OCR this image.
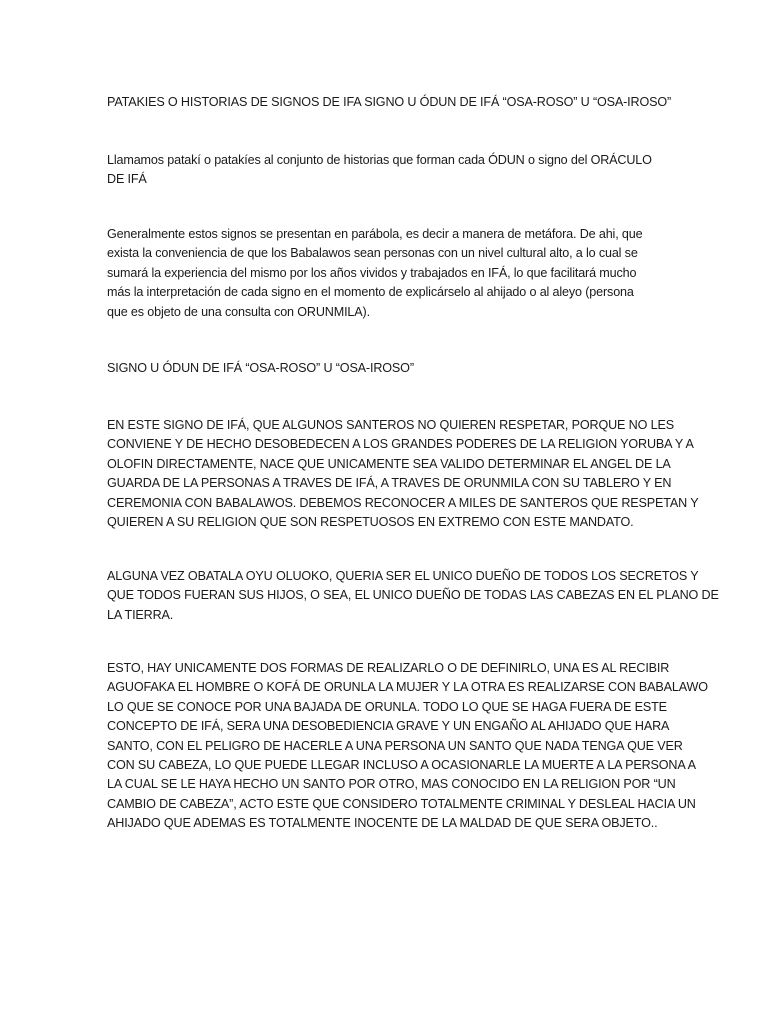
PATAKIES O HISTORIAS DE SIGNOS DE IFA SIGNO U ÓDUN DE IFÁ “OSA-ROSO” U “OSA-IROSO”

Llamamos patakí o patakíes al conjunto de historias que forman cada ÓDUN o signo del ORÁCULO
DE IFÁ

Generalmente estos signos se presentan en parábola, es decir a manera de metáfora. De ahi, que
exista la conveniencia de que los Babalawos sean personas con un nivel cultural alto, a lo cual se
sumará la experiencia del mismo por los años vividos y trabajados en IFÁ, lo que facilitará mucho
más la interpretación de cada signo en el momento de explicárselo al ahijado o al aleyo (persona
que es objeto de una consulta con ORUNMILA).

SIGNO U ÓDUN DE IFÁ “OSA-ROSO” U “OSA-IROSO”

EN ESTE SIGNO DE IFÁ, QUE ALGUNOS SANTEROS NO QUIEREN RESPETAR, PORQUE NO LES
CONVIENE Y DE HECHO DESOBEDECEN A LOS GRANDES PODERES DE LA RELIGION YORUBA Y A
OLOFIN DIRECTAMENTE, NACE QUE UNICAMENTE SEA VALIDO DETERMINAR EL ANGEL DE LA
GUARDA DE LA PERSONAS A TRAVES DE IFÁ, A TRAVES DE ORUNMILA CON SU TABLERO Y EN
CEREMONIA CON BABALAWOS. DEBEMOS RECONOCER A MILES DE SANTEROS QUE RESPETAN Y
QUIEREN A SU RELIGION QUE SON RESPETUOSOS EN EXTREMO CON ESTE MANDATO.

ALGUNA VEZ OBATALA OYU OLUOKO, QUERIA SER EL UNICO DUEÑO DE TODOS LOS SECRETOS Y
QUE TODOS FUERAN SUS HIJOS, O SEA, EL UNICO DUEÑO DE TODAS LAS CABEZAS EN EL PLANO DE
LA TIERRA.

ESTO, HAY UNICAMENTE DOS FORMAS DE REALIZARLO O DE DEFINIRLO, UNA ES AL RECIBIR
AGUOFAKA EL HOMBRE O KOFÁ DE ORUNLA LA MUJER Y LA OTRA ES REALIZARSE CON BABALAWO
LO QUE SE CONOCE POR UNA BAJADA DE ORUNLA. TODO LO QUE SE HAGA FUERA DE ESTE
CONCEPTO DE IFÁ, SERA UNA DESOBEDIENCIA GRAVE Y UN ENGAÑO AL AHIJADO QUE HARA
SANTO, CON EL PELIGRO DE HACERLE A UNA PERSONA UN SANTO QUE NADA TENGA QUE VER
CON SU CABEZA, LO QUE PUEDE LLEGAR INCLUSO A OCASIONARLE LA MUERTE A LA PERSONA A
LA CUAL SE LE HAYA HECHO UN SANTO POR OTRO, MAS CONOCIDO EN LA RELIGION POR “UN
CAMBIO DE CABEZA”, ACTO ESTE QUE CONSIDERO TOTALMENTE CRIMINAL Y DESLEAL HACIA UN
AHIJADO QUE ADEMAS ES TOTALMENTE INOCENTE DE LA MALDAD DE QUE SERA OBJETO..
